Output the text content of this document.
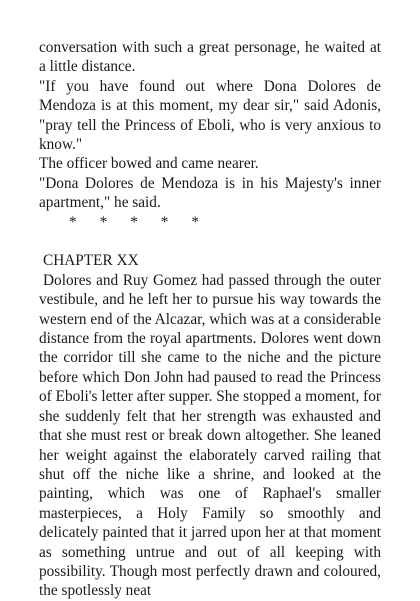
conversation with such a great personage, he waited at a little distance.

"If you have found out where Dona Dolores de Mendoza is at this moment, my dear sir," said Adonis, "pray tell the Princess of Eboli, who is very anxious to know."

The officer bowed and came nearer.

"Dona Dolores de Mendoza is in his Majesty's inner apartment," he said.

*      *      *      *      *

CHAPTER XX

Dolores and Ruy Gomez had passed through the outer vestibule, and he left her to pursue his way towards the western end of the Alcazar, which was at a considerable distance from the royal apartments. Dolores went down the corridor till she came to the niche and the picture before which Don John had paused to read the Princess of Eboli's letter after supper. She stopped a moment, for she suddenly felt that her strength was exhausted and that she must rest or break down altogether. She leaned her weight against the elaborately carved railing that shut off the niche like a shrine, and looked at the painting, which was one of Raphael's smaller masterpieces, a Holy Family so smoothly and delicately painted that it jarred upon her at that moment as something untrue and out of all keeping with possibility. Though most perfectly drawn and coloured, the spotlessly neat
